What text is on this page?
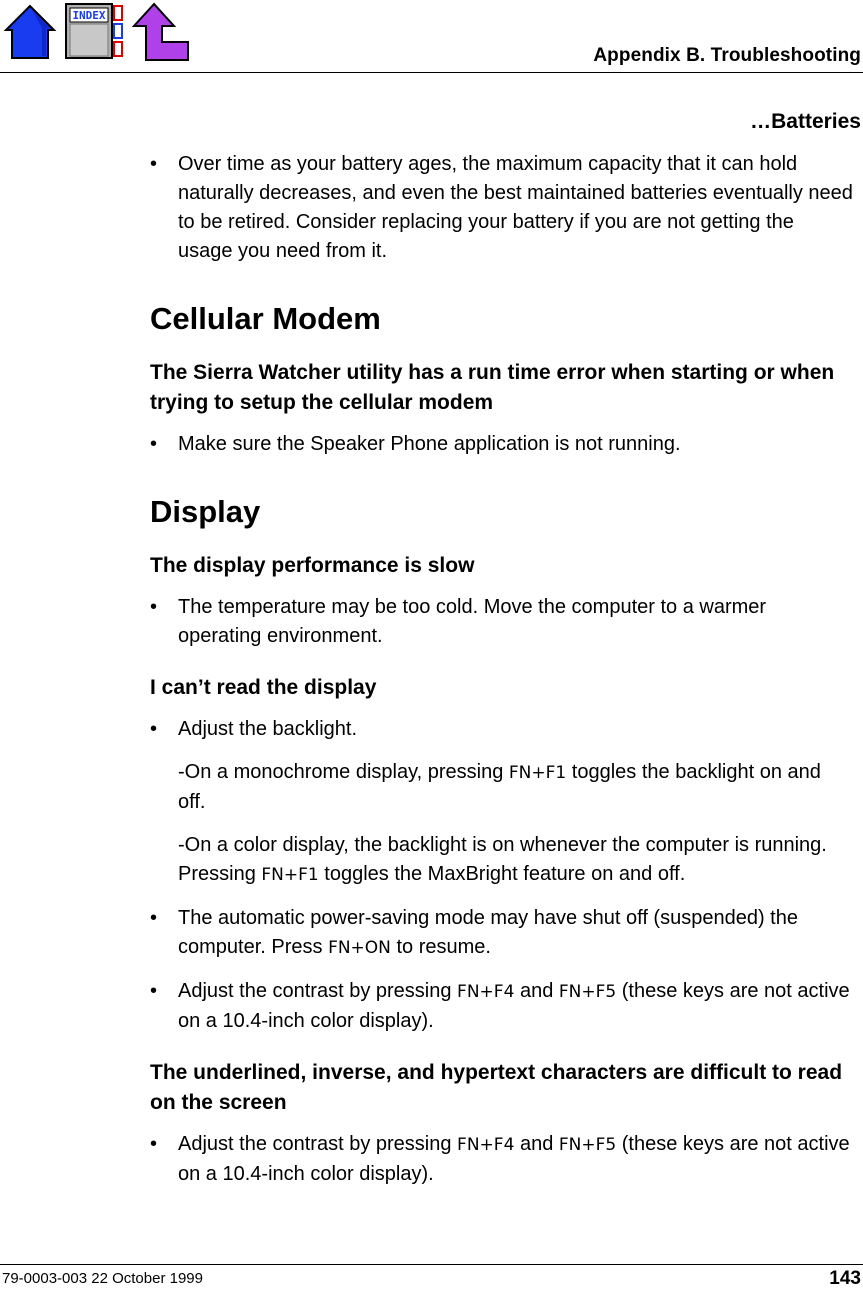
INDEX
Appendix B. Troubleshooting
…Batteries
• Over time as your battery ages, the maximum capacity that it can hold naturally decreases, and even the best maintained batteries eventually need to be retired. Consider replacing your battery if you are not getting the usage you need from it.
Cellular Modem
The Sierra Watcher utility has a run time error when starting or when trying to setup the cellular modem
• Make sure the Speaker Phone application is not running.
Display
The display performance is slow
• The temperature may be too cold. Move the computer to a warmer operating environment.
I can’t read the display
• Adjust the backlight.
-On a monochrome display, pressing FN+F1 toggles the backlight on and off.
-On a color display, the backlight is on whenever the computer is running. Pressing FN+F1 toggles the MaxBright feature on and off.
• The automatic power-saving mode may have shut off (suspended) the computer. Press FN+ON to resume.
• Adjust the contrast by pressing FN+F4 and FN+F5 (these keys are not active on a 10.4-inch color display).
The underlined, inverse, and hypertext characters are difficult to read on the screen
• Adjust the contrast by pressing FN+F4 and FN+F5 (these keys are not active on a 10.4-inch color display).
79-0003-003 22 October 1999	143
